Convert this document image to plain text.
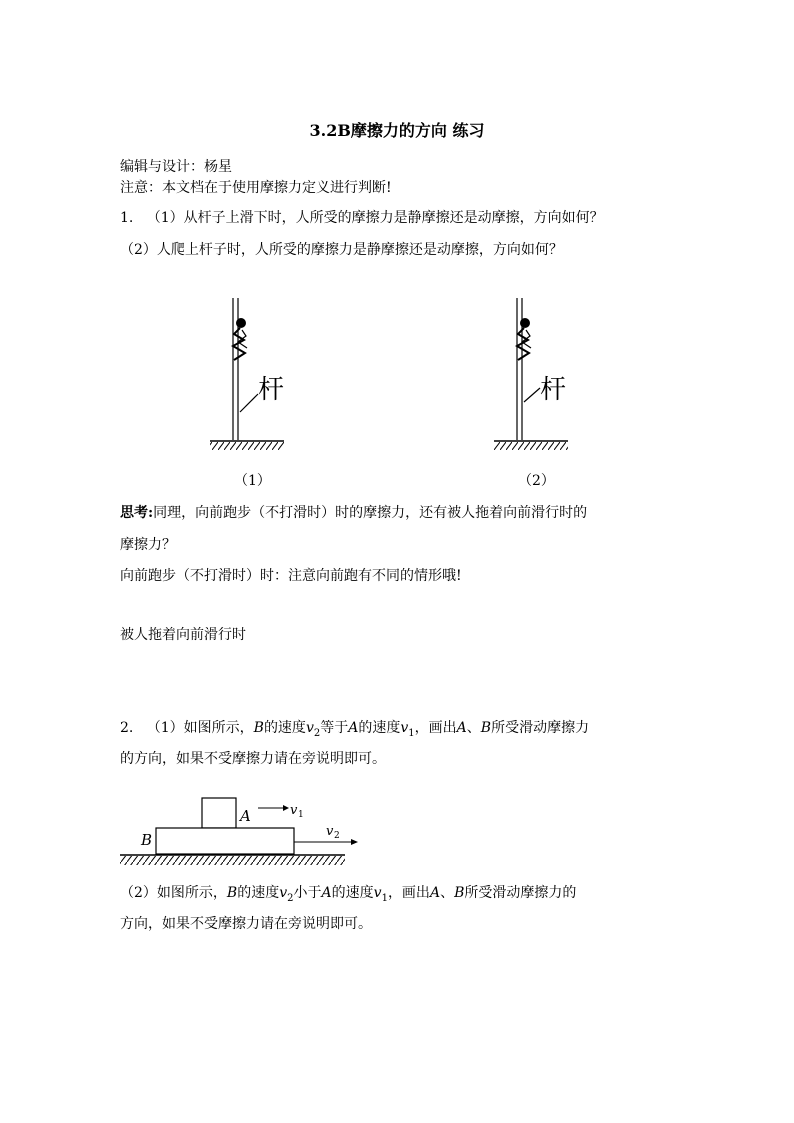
3.2B摩擦力的方向 练习
编辑与设计：杨星
注意：本文档在于使用摩擦力定义进行判断!
1. （1）从杆子上滑下时，人所受的摩擦力是静摩擦还是动摩擦，方向如何？
（2）人爬上杆子时，人所受的摩擦力是静摩擦还是动摩擦，方向如何？
杆
（1）
杆
（2）
思考:同理，向前跑步（不打滑时）时的摩擦力，还有被人拖着向前滑行时的
摩擦力？
向前跑步（不打滑时）时：注意向前跑有不同的情形哦!
被人拖着向前滑行时
2. （1）如图所示，B的速度$v_2$等于A的速度$v_1$，画出A、B所受滑动摩擦力
的方向，如果不受摩擦力请在旁说明即可。
A	v 1
B	v 2
（2）如图所示，B的速度$v_2$小于A的速度$v_1$，画出A、B所受滑动摩擦力的
方向，如果不受摩擦力请在旁说明即可。
